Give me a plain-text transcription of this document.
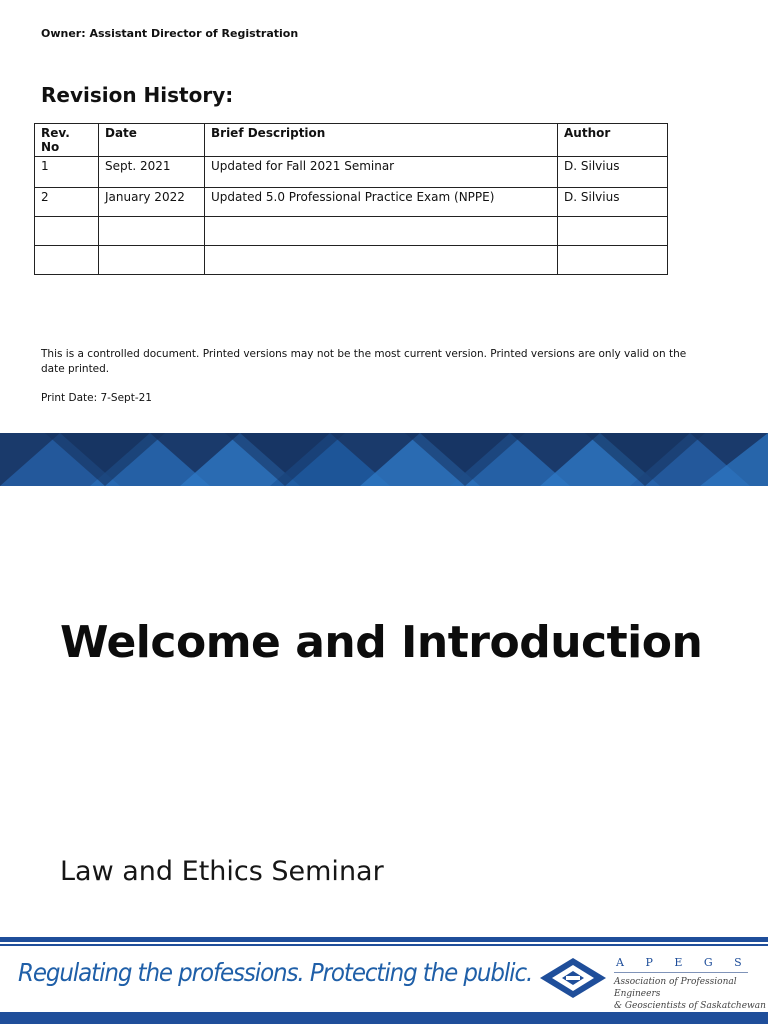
Owner: Assistant Director of Registration
Revision History:
Rev. No	Date	Brief Description	Author
1	Sept. 2021	Updated for Fall 2021 Seminar	D. Silvius
2	January 2022	Updated 5.0 Professional Practice Exam (NPPE)	D. Silvius

This is a controlled document. Printed versions may not be the most current version. Printed versions are only valid on the date printed.

Print Date: 7-Sept-21

Welcome and Introduction

Law and Ethics Seminar

Regulating the professions. Protecting the public.	A P E G S
Association of Professional Engineers
& Geoscientists of Saskatchewan
